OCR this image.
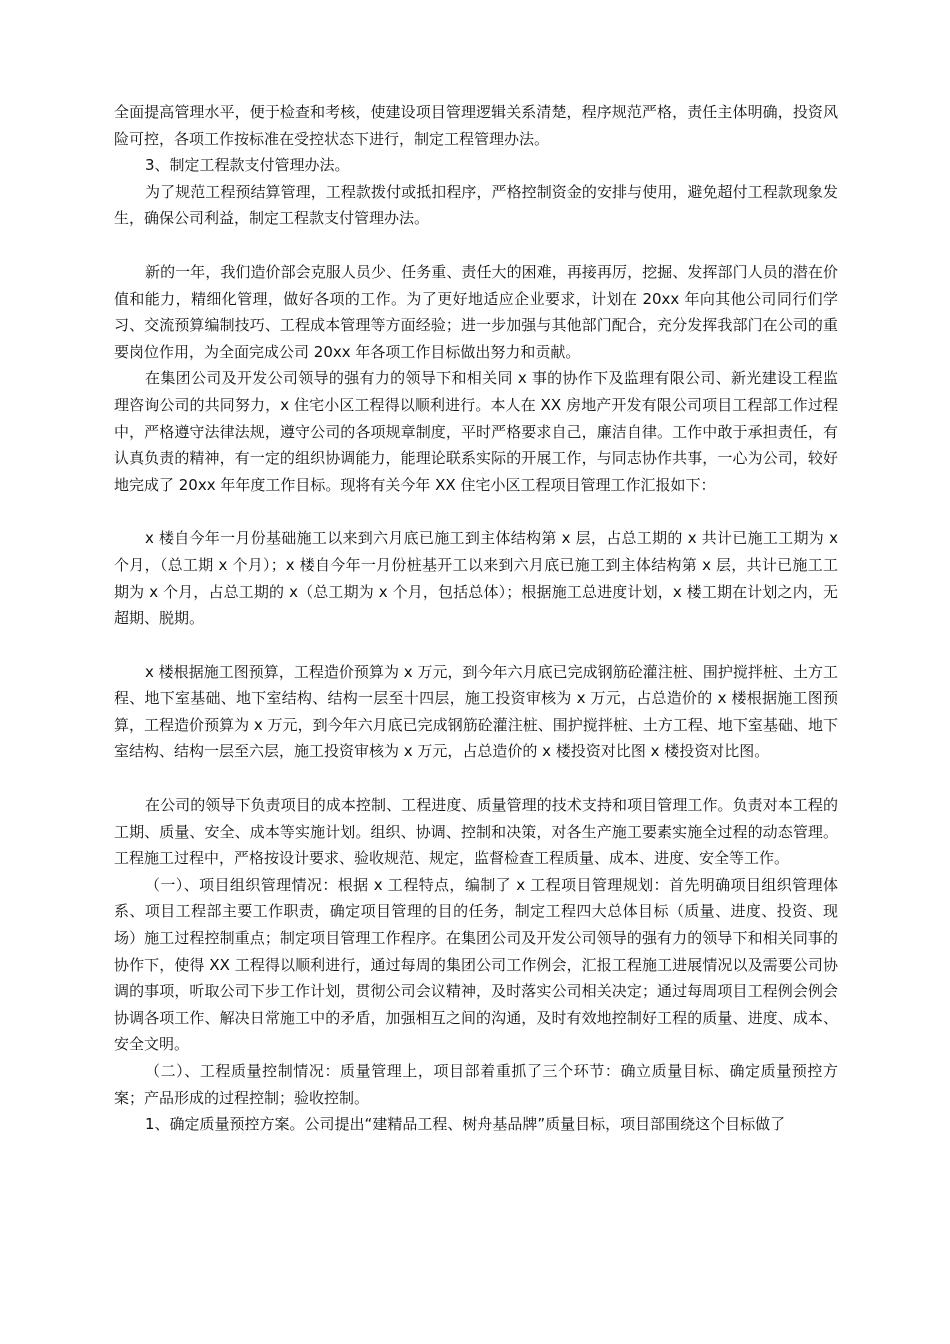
全面提高管理水平，便于检查和考核，使建设项目管理逻辑关系清楚，程序规范严格，责任主体明确，投资风险可控，各项工作按标准在受控状态下进行，制定工程管理办法。

3、制定工程款支付管理办法。

为了规范工程预结算管理，工程款拨付或抵扣程序，严格控制资金的安排与使用，避免超付工程款现象发生，确保公司利益，制定工程款支付管理办法。

新的一年，我们造价部会克服人员少、任务重、责任大的困难，再接再厉，挖掘、发挥部门人员的潜在价值和能力，精细化管理，做好各项的工作。为了更好地适应企业要求，计划在 20xx 年向其他公司同行们学习、交流预算编制技巧、工程成本管理等方面经验；进一步加强与其他部门配合，充分发挥我部门在公司的重要岗位作用，为全面完成公司 20xx 年各项工作目标做出努力和贡献。

在集团公司及开发公司领导的强有力的领导下和相关同 x 事的协作下及监理有限公司、新光建设工程监理咨询公司的共同努力，x 住宅小区工程得以顺利进行。本人在 XX 房地产开发有限公司项目工程部工作过程中，严格遵守法律法规，遵守公司的各项规章制度，平时严格要求自己，廉洁自律。工作中敢于承担责任，有认真负责的精神，有一定的组织协调能力，能理论联系实际的开展工作，与同志协作共事，一心为公司，较好地完成了 20xx 年年度工作目标。现将有关今年 XX 住宅小区工程项目管理工作汇报如下：

x 楼自今年一月份基础施工以来到六月底已施工到主体结构第 x 层，占总工期的 x 共计已施工工期为 x 个月，（总工期 x 个月）；x 楼自今年一月份桩基开工以来到六月底已施工到主体结构第 x 层，共计已施工工期为 x 个月，占总工期的 x（总工期为 x 个月，包括总体）；根据施工总进度计划，x 楼工期在计划之内，无超期、脱期。

x 楼根据施工图预算，工程造价预算为 x 万元，到今年六月底已完成钢筋砼灌注桩、围护搅拌桩、土方工程、地下室基础、地下室结构、结构一层至十四层，施工投资审核为 x 万元，占总造价的 x 楼根据施工图预算，工程造价预算为 x 万元，到今年六月底已完成钢筋砼灌注桩、围护搅拌桩、土方工程、地下室基础、地下室结构、结构一层至六层，施工投资审核为 x 万元，占总造价的 x 楼投资对比图 x 楼投资对比图。

在公司的领导下负责项目的成本控制、工程进度、质量管理的技术支持和项目管理工作。负责对本工程的工期、质量、安全、成本等实施计划。组织、协调、控制和决策，对各生产施工要素实施全过程的动态管理。工程施工过程中，严格按设计要求、验收规范、规定，监督检查工程质量、成本、进度、安全等工作。

（一）、项目组织管理情况：根据 x 工程特点，编制了 x 工程项目管理规划：首先明确项目组织管理体系、项目工程部主要工作职责，确定项目管理的目的任务，制定工程四大总体目标（质量、进度、投资、现场）施工过程控制重点；制定项目管理工作程序。在集团公司及开发公司领导的强有力的领导下和相关同事的协作下，使得 XX 工程得以顺利进行，通过每周的集团公司工作例会，汇报工程施工进展情况以及需要公司协调的事项，听取公司下步工作计划，贯彻公司会议精神，及时落实公司相关决定；通过每周项目工程例会例会协调各项工作、解决日常施工中的矛盾，加强相互之间的沟通，及时有效地控制好工程的质量、进度、成本、安全文明。

（二）、工程质量控制情况：质量管理上，项目部着重抓了三个环节：确立质量目标、确定质量预控方案；产品形成的过程控制；验收控制。

1、确定质量预控方案。公司提出“建精品工程、树舟基品牌”质量目标，项目部围绕这个目标做了
